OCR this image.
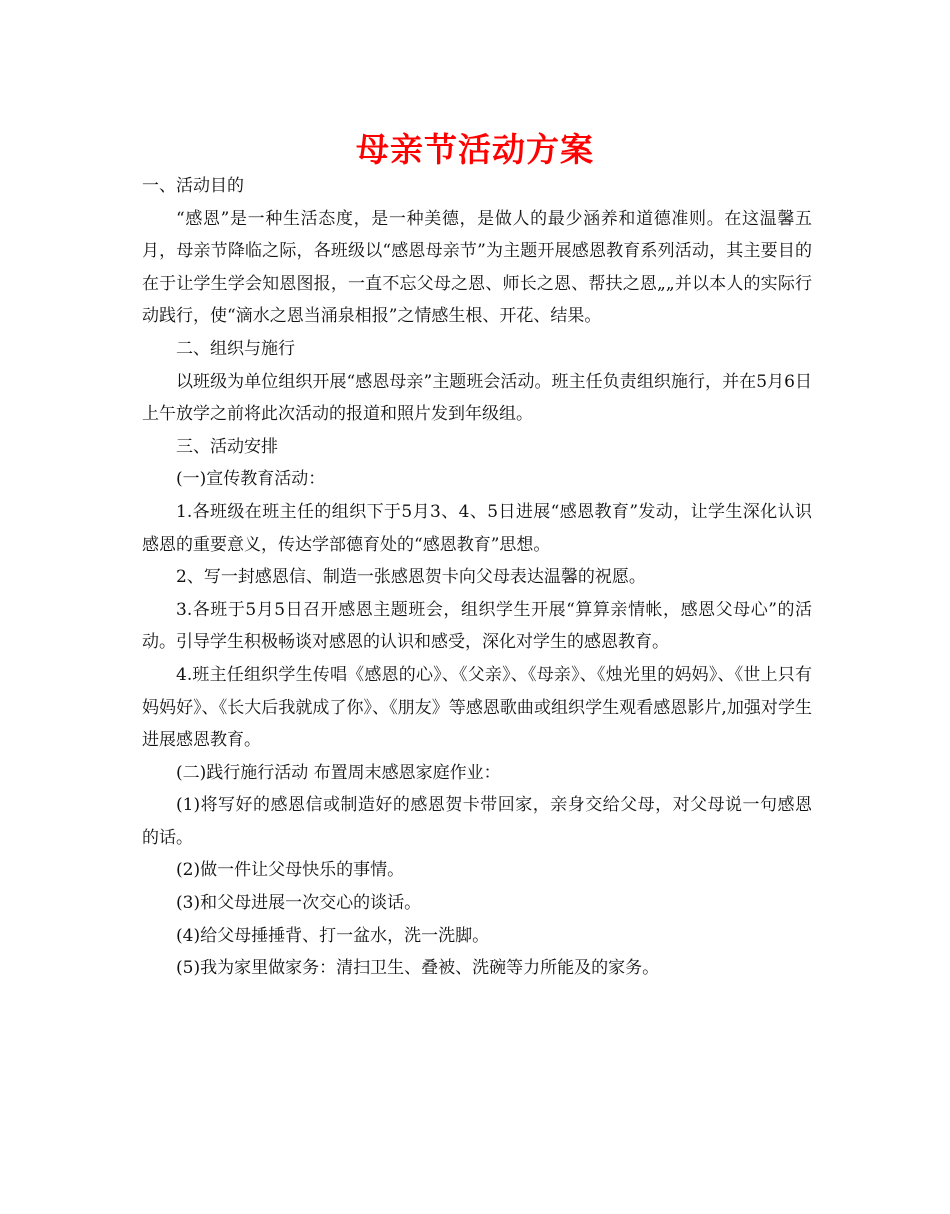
母亲节活动方案

一、活动目的

“感恩”是一种生活态度，是一种美德，是做人的最少涵养和道德准则。在这温馨五月，母亲节降临之际，各班级以“感恩母亲节”为主题开展感恩教育系列活动，其主要目的在于让学生学会知恩图报，一直不忘父母之恩、师长之恩、帮扶之恩„„并以本人的实际行动践行，使“滴水之恩当涌泉相报”之情感生根、开花、结果。

二、组织与施行

以班级为单位组织开展“感恩母亲”主题班会活动。班主任负责组织施行，并在5月6日上午放学之前将此次活动的报道和照片发到年级组。

三、活动安排

(一)宣传教育活动：

1.各班级在班主任的组织下于5月3、4、5日进展“感恩教育”发动，让学生深化认识感恩的重要意义，传达学部德育处的“感恩教育”思想。

2、写一封感恩信、制造一张感恩贺卡向父母表达温馨的祝愿。

3.各班于5月5日召开感恩主题班会，组织学生开展“算算亲情帐，感恩父母心”的活动。引导学生积极畅谈对感恩的认识和感受，深化对学生的感恩教育。

4.班主任组织学生传唱《感恩的心》、《父亲》、《母亲》、《烛光里的妈妈》、《世上只有妈妈好》、《长大后我就成了你》、《朋友》等感恩歌曲或组织学生观看感恩影片,加强对学生进展感恩教育。

(二)践行施行活动 布置周末感恩家庭作业：

(1)将写好的感恩信或制造好的感恩贺卡带回家，亲身交给父母，对父母说一句感恩的话。

(2)做一件让父母快乐的事情。

(3)和父母进展一次交心的谈话。

(4)给父母捶捶背、打一盆水，洗一洗脚。

(5)我为家里做家务：清扫卫生、叠被、洗碗等力所能及的家务。
